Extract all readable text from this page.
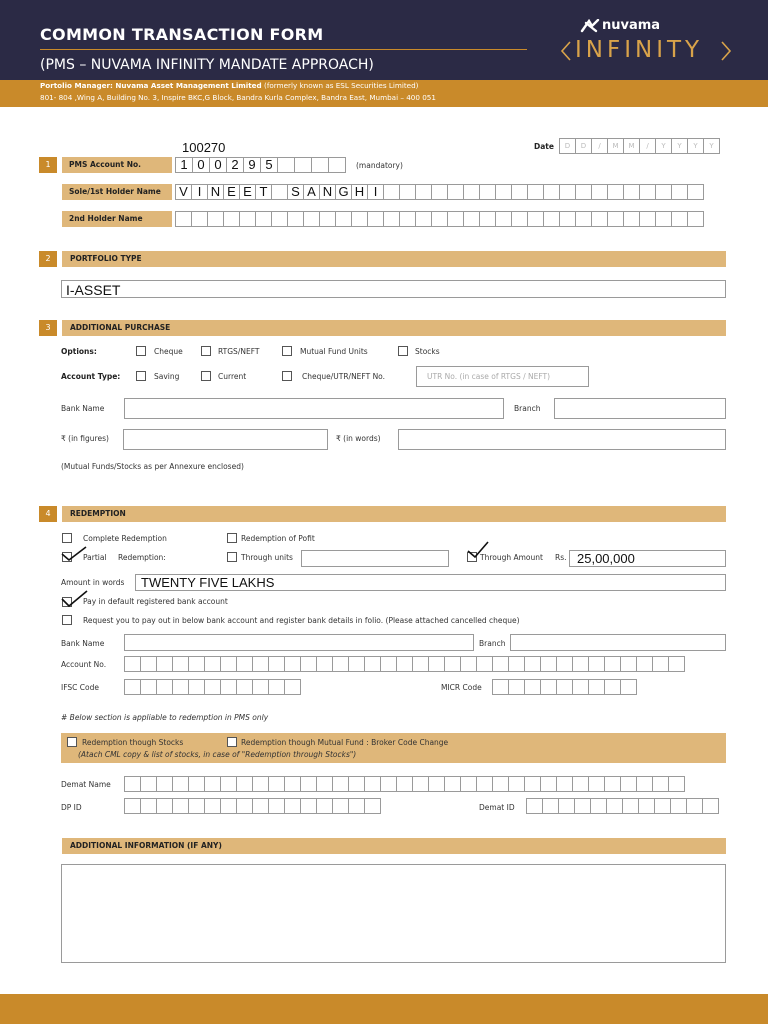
COMMON TRANSACTION FORM
(PMS – NUVAMA INFINITY MANDATE APPROACH)
nuvama
INFINITY
Portolio Manager: Nuvama Asset Management Limited (formerly known as ESL Securities Limited)
801- 804 ,Wing A, Building No. 3, Inspire BKC,G Block, Bandra Kurla Complex, Bandra East, Mumbai – 400 051
100270	Date	D	D	/	M	M	/	Y	Y	Y	Y
1	PMS Account No.	1 0 0 2 9 5	(mandatory)
Sole/1st Holder Name	V I N E E T	S A N G H I
2nd Holder Name
2	PORTFOLIO TYPE
I-ASSET
3	ADDITIONAL PURCHASE
Options:	Cheque	RTGS/NEFT	Mutual Fund Units	Stocks
Account Type:	Saving	Current	Cheque/UTR/NEFT No.	UTR No. (in case of RTGS / NEFT)
Bank Name	Branch
₹ (in figures)	₹ (in words)
(Mutual Funds/Stocks as per Annexure enclosed)
4	REDEMPTION
Complete Redemption	Redemption of Pofit
Partial Redemption:	Through units	Through Amount Rs. 25,00,000
Amount in words TWENTY FIVE LAKHS
Pay in default registered bank account
Request you to pay out in below bank account and register bank details in folio. (Please attached cancelled cheque)
Bank Name	Branch
Account No.
IFSC Code	MICR Code
# Below section is appliable to redemption in PMS only
Redemption though Stocks	Redemption though Mutual Fund : Broker Code Change
(Atach CML copy & list of stocks, in case of "Redemption through Stocks")
Demat Name
DP ID	Demat ID
ADDITIONAL INFORMATION (IF ANY)
